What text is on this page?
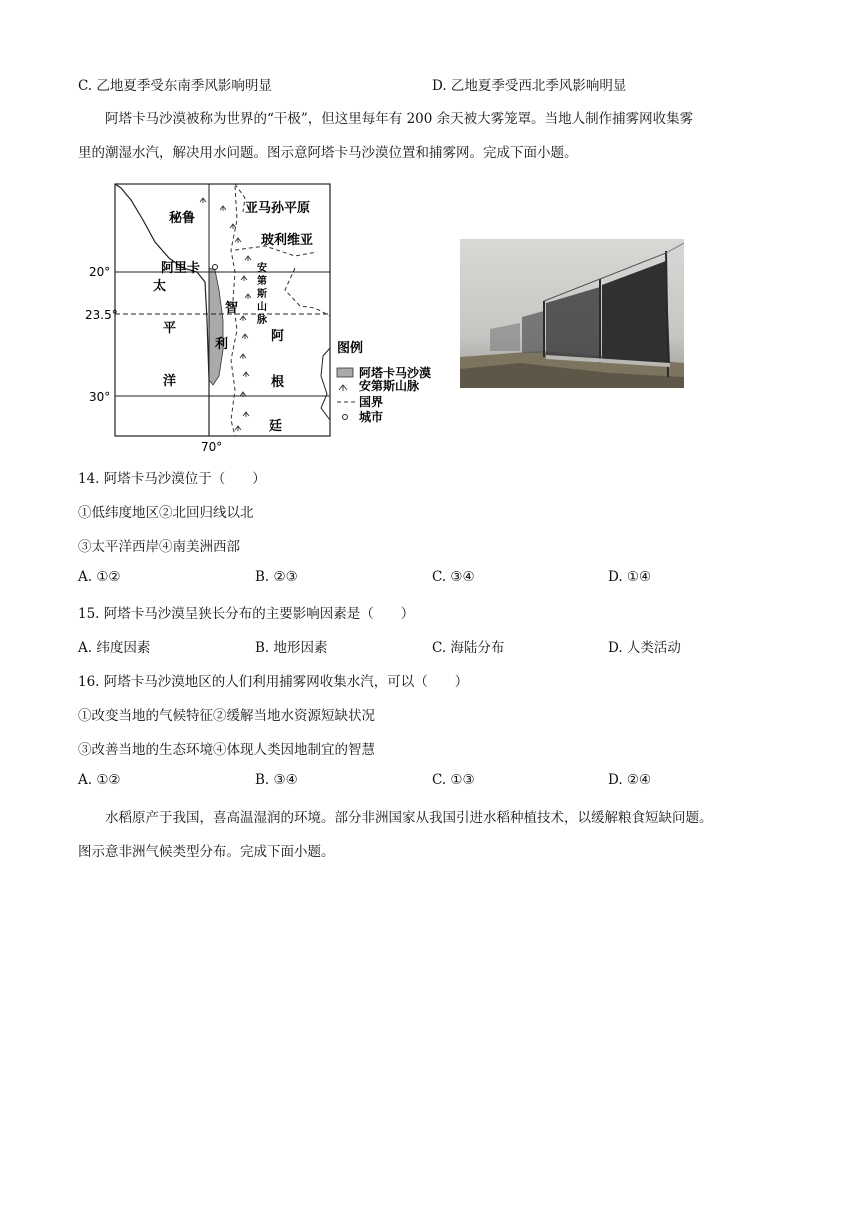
C. 乙地夏季受东南季风影响明显	D. 乙地夏季受西北季风影响明显
阿塔卡马沙漠被称为世界的“干极”，但这里每年有 200 余天被大雾笼罩。当地人制作捕雾网收集雾
里的潮湿水汽，解决用水问题。图示意阿塔卡马沙漠位置和捕雾网。完成下面小题。
秘鲁
亚马孙平原
玻利维亚
阿里卡	安
第
斯
山
脉
太
平
洋
智
利
阿
根
廷
20°
23.5°
30°
70°
图例
阿塔卡马沙漠
安第斯山脉
国界
城市
14. 阿塔卡马沙漠位于（　　）
①低纬度地区②北回归线以北
③太平洋西岸④南美洲西部
A. ①②	B. ②③	C. ③④	D. ①④
15. 阿塔卡马沙漠呈狭长分布的主要影响因素是（　　）
A. 纬度因素	B. 地形因素	C. 海陆分布	D. 人类活动
16. 阿塔卡马沙漠地区的人们利用捕雾网收集水汽，可以（　　）
①改变当地的气候特征②缓解当地水资源短缺状况
③改善当地的生态环境④体现人类因地制宜的智慧
A. ①②	B. ③④	C. ①③	D. ②④
水稻原产于我国，喜高温湿润的环境。部分非洲国家从我国引进水稻种植技术，以缓解粮食短缺问题。
图示意非洲气候类型分布。完成下面小题。
